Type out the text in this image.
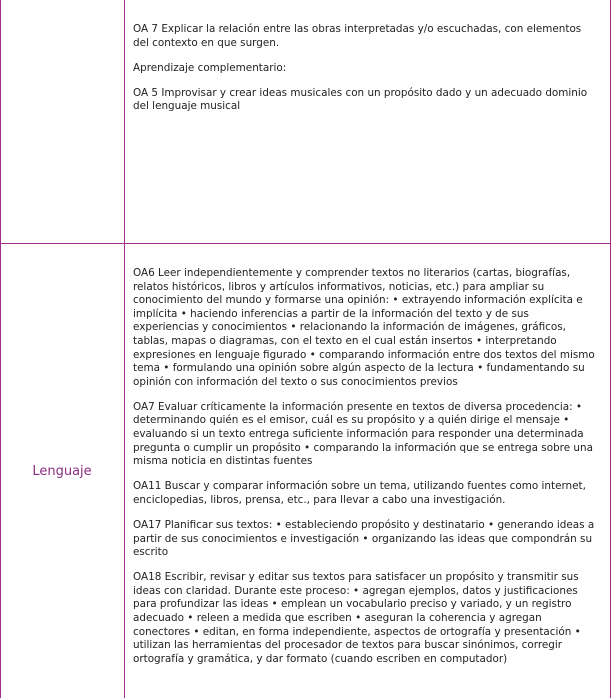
OA 7 Explicar la relación entre las obras interpretadas y/o escuchadas, con elementos del contexto en que surgen.

Aprendizaje complementario:

OA 5 Improvisar y crear ideas musicales con un propósito dado y un adecuado dominio del lenguaje musical

Lenguaje

OA6 Leer independientemente y comprender textos no literarios (cartas, biografías, relatos históricos, libros y artículos informativos, noticias, etc.) para ampliar su conocimiento del mundo y formarse una opinión: • extrayendo información explícita e implícita • haciendo inferencias a partir de la información del texto y de sus experiencias y conocimientos • relacionando la información de imágenes, gráficos, tablas, mapas o diagramas, con el texto en el cual están insertos • interpretando expresiones en lenguaje figurado • comparando información entre dos textos del mismo tema • formulando una opinión sobre algún aspecto de la lectura • fundamentando su opinión con información del texto o sus conocimientos previos

OA7 Evaluar críticamente la información presente en textos de diversa procedencia: • determinando quién es el emisor, cuál es su propósito y a quién dirige el mensaje • evaluando si un texto entrega suficiente información para responder una determinada pregunta o cumplir un propósito • comparando la información que se entrega sobre una misma noticia en distintas fuentes

OA11 Buscar y comparar información sobre un tema, utilizando fuentes como internet, enciclopedias, libros, prensa, etc., para llevar a cabo una investigación.

OA17 Planificar sus textos: • estableciendo propósito y destinatario • generando ideas a partir de sus conocimientos e investigación • organizando las ideas que compondrán su escrito

OA18 Escribir, revisar y editar sus textos para satisfacer un propósito y transmitir sus ideas con claridad. Durante este proceso: • agregan ejemplos, datos y justificaciones para profundizar las ideas • emplean un vocabulario preciso y variado, y un registro adecuado • releen a medida que escriben • aseguran la coherencia y agregan conectores • editan, en forma independiente, aspectos de ortografía y presentación • utilizan las herramientas del procesador de textos para buscar sinónimos, corregir ortografía y gramática, y dar formato (cuando escriben en computador)
